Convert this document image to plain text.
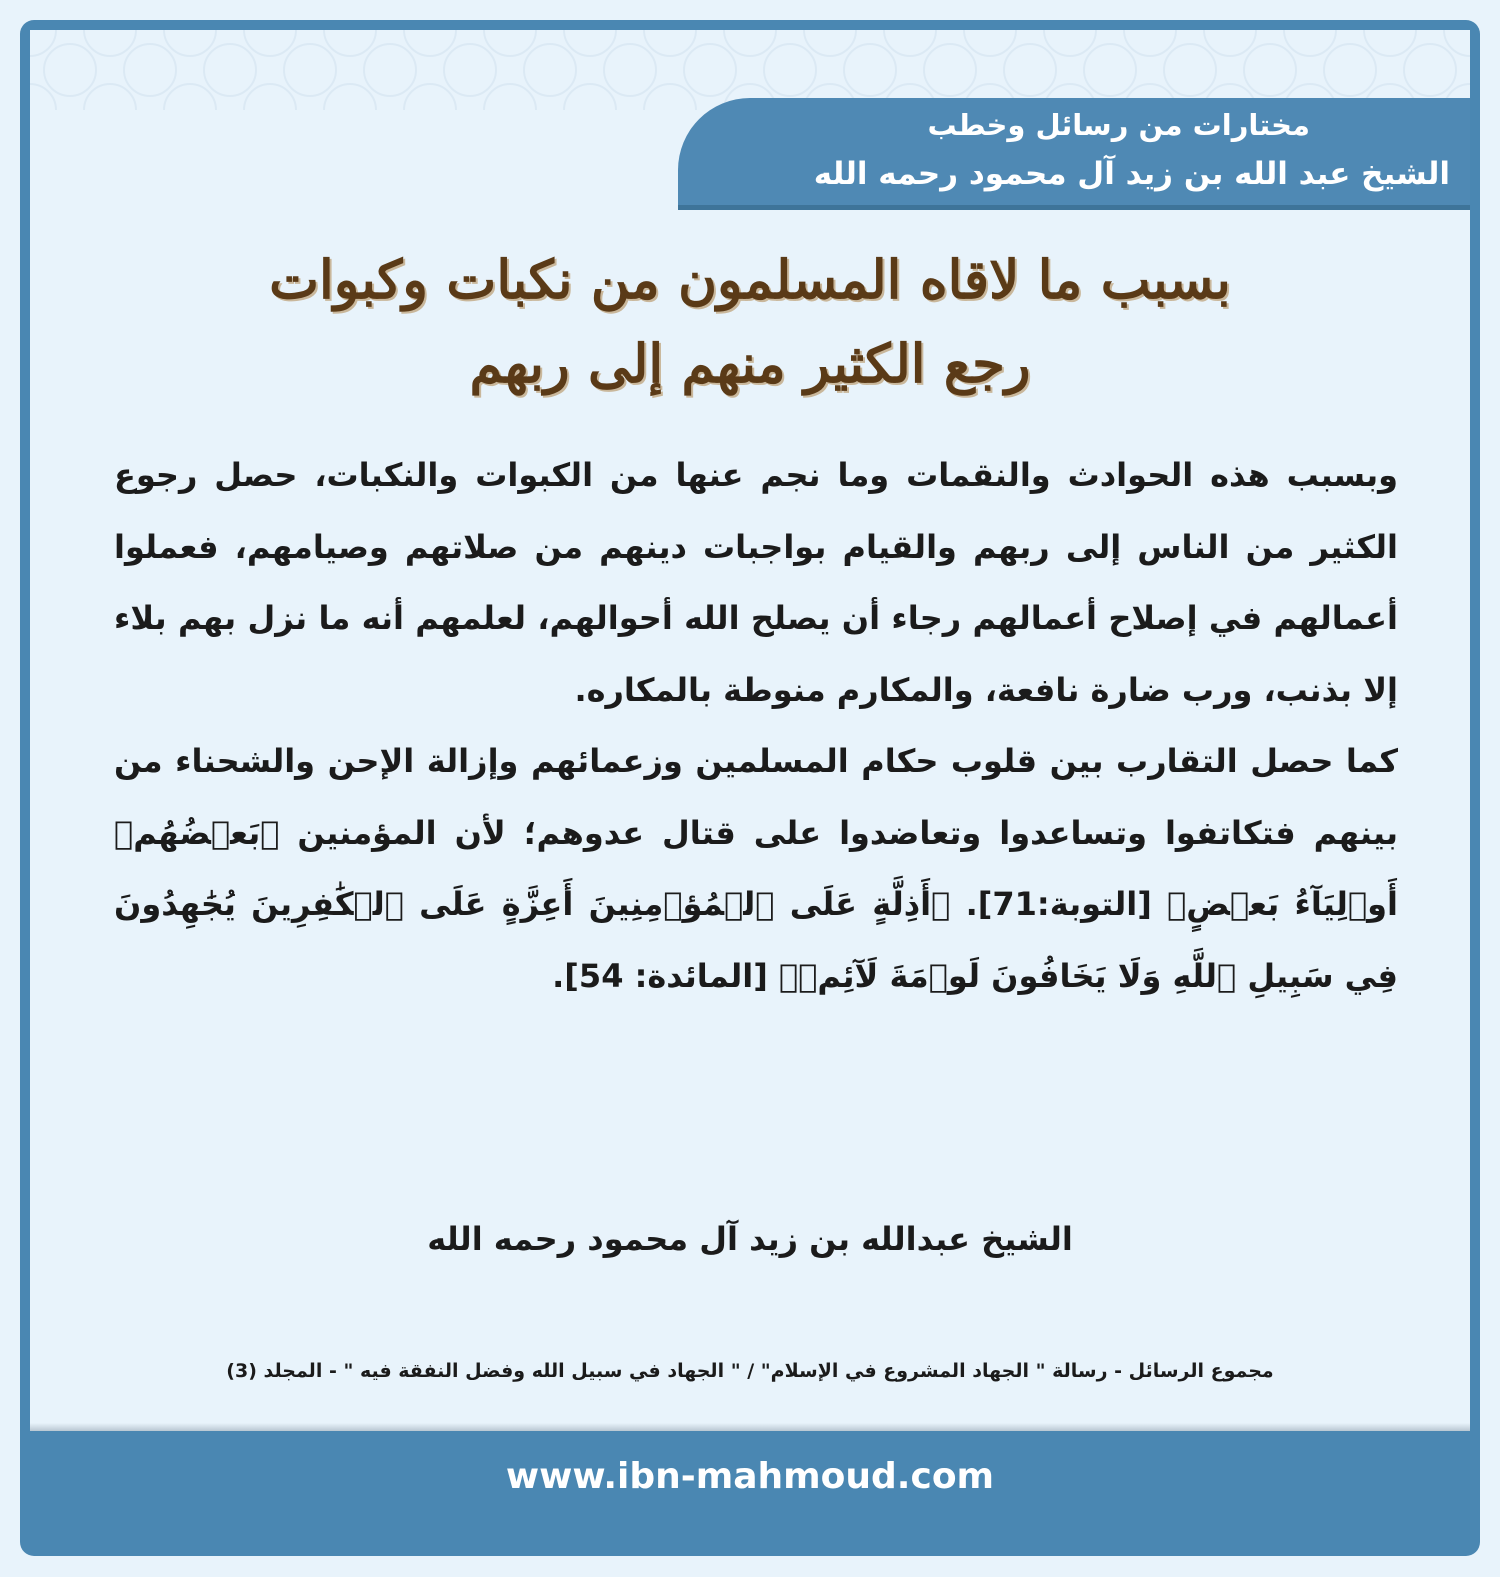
مختارات من رسائل وخطب
الشيخ عبد الله بن زيد آل محمود رحمه الله
بسبب ما لاقاه المسلمون من نكبات وكبوات
رجع الكثير منهم إلى ربهم

وبسبب هذه الحوادث والنقمات وما نجم عنها من الكبوات والنكبات، حصل رجوع الكثير من الناس إلى ربهم والقيام بواجبات دينهم من صلاتهم وصيامهم، فعملوا أعمالهم في إصلاح أعمالهم رجاء أن يصلح الله أحوالهم، لعلمهم أنه ما نزل بهم بلاء إلا بذنب، ورب ضارة نافعة، والمكارم منوطة بالمكاره.

كما حصل التقارب بين قلوب حكام المسلمين وزعمائهم وإزالة الإحن والشحناء من بينهم فتكاتفوا وتساعدوا وتعاضدوا على قتال عدوهم؛ لأن المؤمنين ﴿بَعۡضُهُمۡ أَوۡلِيَآءُ بَعۡضٍ﴾ [التوبة:71]. ﴿أَذِلَّةٍ عَلَى ٱلۡمُؤۡمِنِينَ أَعِزَّةٍ عَلَى ٱلۡكَٰفِرِينَ يُجَٰهِدُونَ فِي سَبِيلِ ٱللَّهِ وَلَا يَخَافُونَ لَوۡمَةَ لَآئِمٖ﴾ [المائدة: 54].

الشيخ عبدالله بن زيد آل محمود رحمه الله
مجموع الرسائل - رسالة " الجهاد المشروع في الإسلام" / " الجهاد في سبيل الله وفضل النفقة فيه " - المجلد (3)
www.ibn-mahmoud.com
